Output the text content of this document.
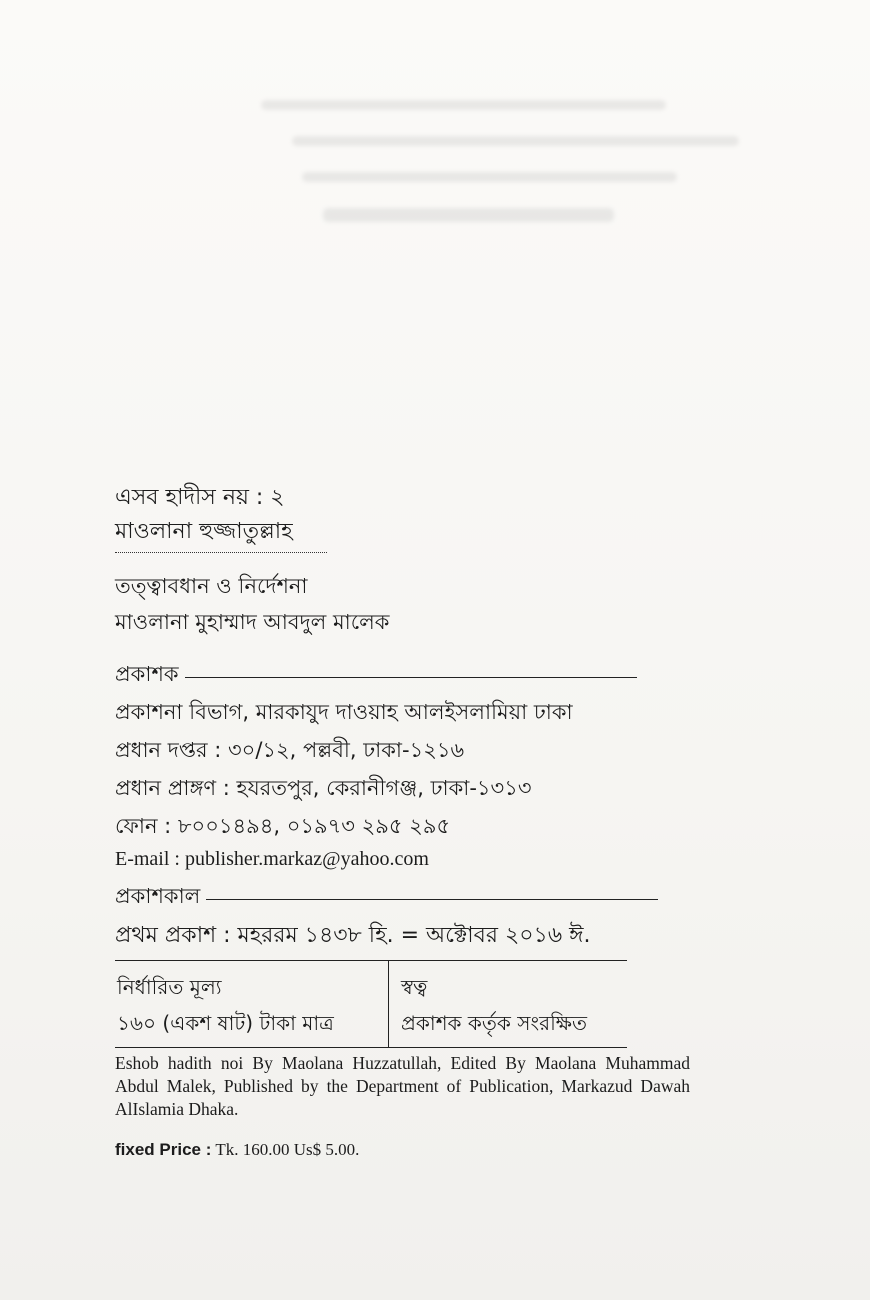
এসব হাদীস নয় : ২
মাওলানা হুজ্জাতুল্লাহ
তত্ত্বাবধান ও নির্দেশনা
মাওলানা মুহাম্মাদ আবদুল মালেক
প্রকাশক
প্রকাশনা বিভাগ, মারকাযুদ দাওয়াহ আলইসলামিয়া ঢাকা
প্রধান দপ্তর : ৩০/১২, পল্লবী, ঢাকা-১২১৬
প্রধান প্রাঙ্গণ : হযরতপুর, কেরানীগঞ্জ, ঢাকা-১৩১৩
ফোন : ৮০০১৪৯৪, ০১৯৭৩ ২৯৫ ২৯৫
E-mail : publisher.markaz@yahoo.com
প্রকাশকাল
প্রথম প্রকাশ : মহররম ১৪৩৮ হি. = অক্টোবর ২০১৬ ঈ.
নির্ধারিত মূল্য
১৬০ (একশ ষাট) টাকা মাত্র
স্বত্ব
প্রকাশক কর্তৃক সংরক্ষিত
Eshob hadith noi By Maolana Huzzatullah, Edited By Maolana Muhammad Abdul Malek, Published by the Department of Publication, Markazud Dawah AlIslamia Dhaka.
fixed Price : Tk. 160.00 Us$ 5.00.
